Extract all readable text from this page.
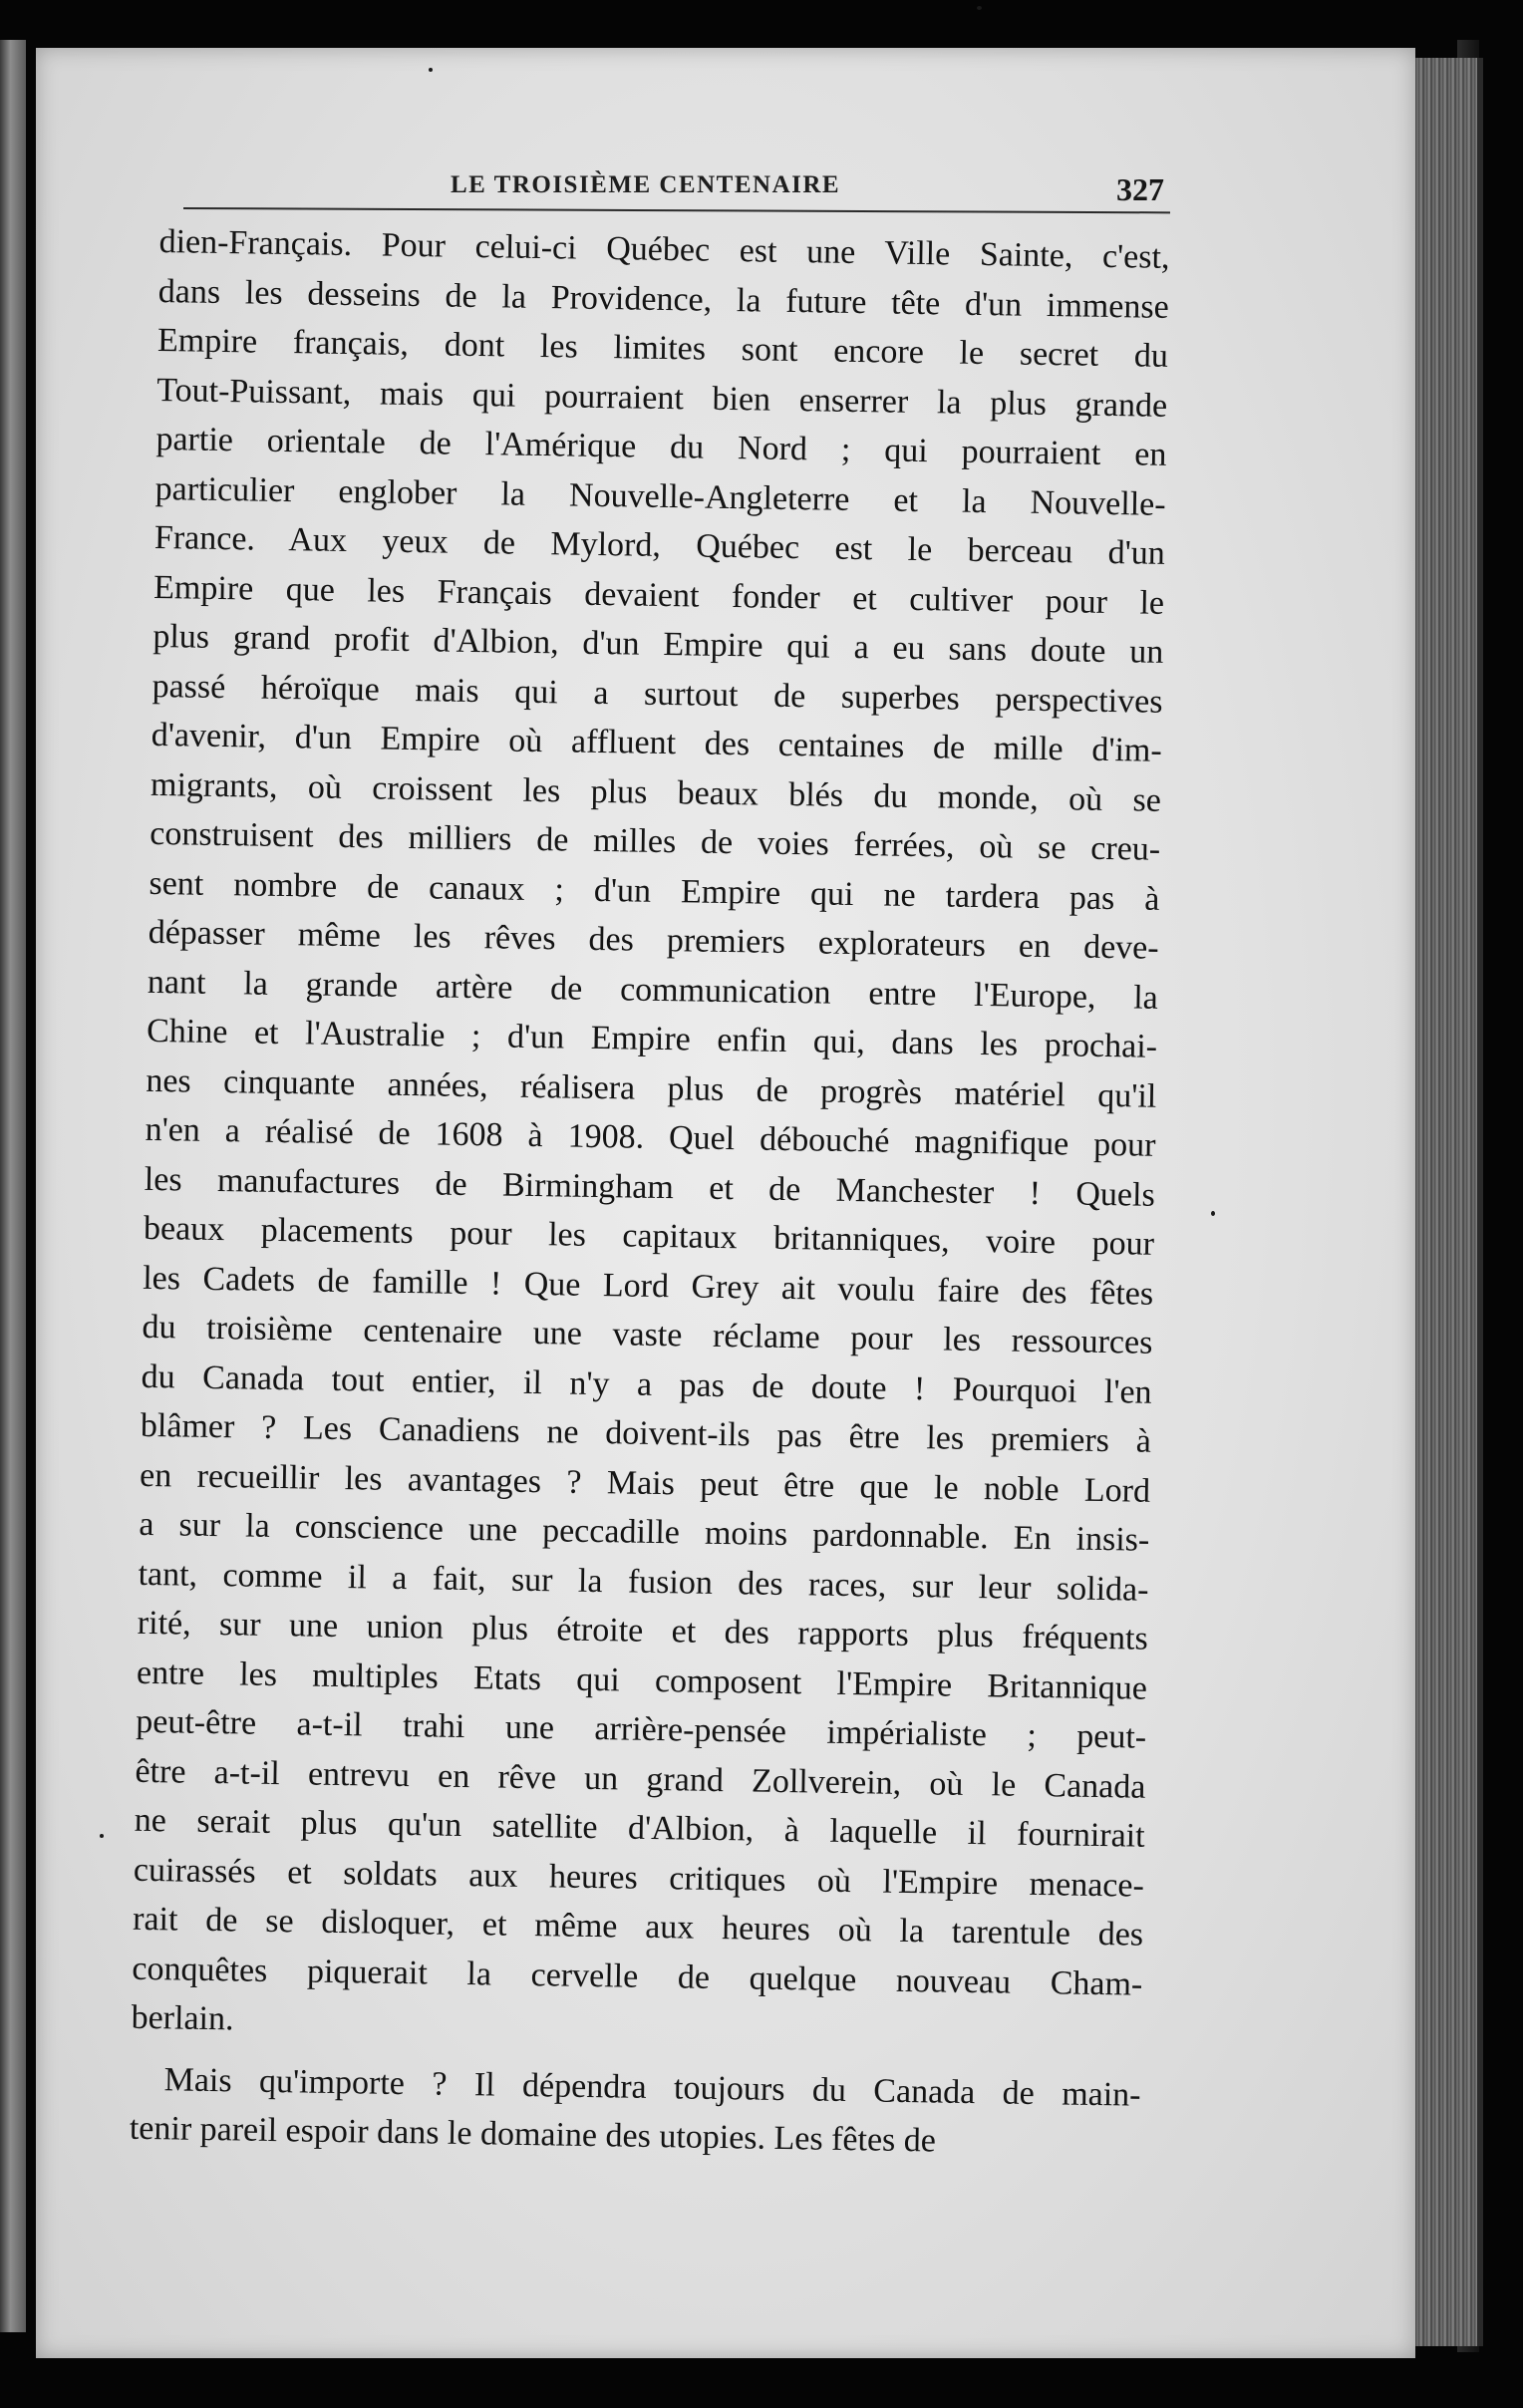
LE TROISIÈME CENTENAIRE	327
dien-Français. Pour celui-ci Québec est une Ville Sainte, c'est,
dans les desseins de la Providence, la future tête d'un immense
Empire français, dont les limites sont encore le secret du
Tout-Puissant, mais qui pourraient bien enserrer la plus grande
partie orientale de l'Amérique du Nord ; qui pourraient en
particulier englober la Nouvelle-Angleterre et la Nouvelle-
France. Aux yeux de Mylord, Québec est le berceau d'un
Empire que les Français devaient fonder et cultiver pour le
plus grand profit d'Albion, d'un Empire qui a eu sans doute un
passé héroïque mais qui a surtout de superbes perspectives
d'avenir, d'un Empire où affluent des centaines de mille d'im-
migrants, où croissent les plus beaux blés du monde, où se
construisent des milliers de milles de voies ferrées, où se creu-
sent nombre de canaux ; d'un Empire qui ne tardera pas à
dépasser même les rêves des premiers explorateurs en deve-
nant la grande artère de communication entre l'Europe, la
Chine et l'Australie ; d'un Empire enfin qui, dans les prochai-
nes cinquante années, réalisera plus de progrès matériel qu'il
n'en a réalisé de 1608 à 1908. Quel débouché magnifique pour
les manufactures de Birmingham et de Manchester ! Quels
beaux placements pour les capitaux britanniques, voire pour
les Cadets de famille ! Que Lord Grey ait voulu faire des fêtes
du troisième centenaire une vaste réclame pour les ressources
du Canada tout entier, il n'y a pas de doute ! Pourquoi l'en
blâmer ? Les Canadiens ne doivent-ils pas être les premiers à
en recueillir les avantages ? Mais peut être que le noble Lord
a sur la conscience une peccadille moins pardonnable. En insis-
tant, comme il a fait, sur la fusion des races, sur leur solida-
rité, sur une union plus étroite et des rapports plus fréquents
entre les multiples Etats qui composent l'Empire Britannique
peut-être a-t-il trahi une arrière-pensée impérialiste ; peut-
être a-t-il entrevu en rêve un grand Zollverein, où le Canada
ne serait plus qu'un satellite d'Albion, à laquelle il fournirait
cuirassés et soldats aux heures critiques où l'Empire menace-
rait de se disloquer, et même aux heures où la tarentule des
conquêtes piquerait la cervelle de quelque nouveau Cham-
berlain.
Mais qu'importe ? Il dépendra toujours du Canada de main-
tenir pareil espoir dans le domaine des utopies. Les fêtes de
